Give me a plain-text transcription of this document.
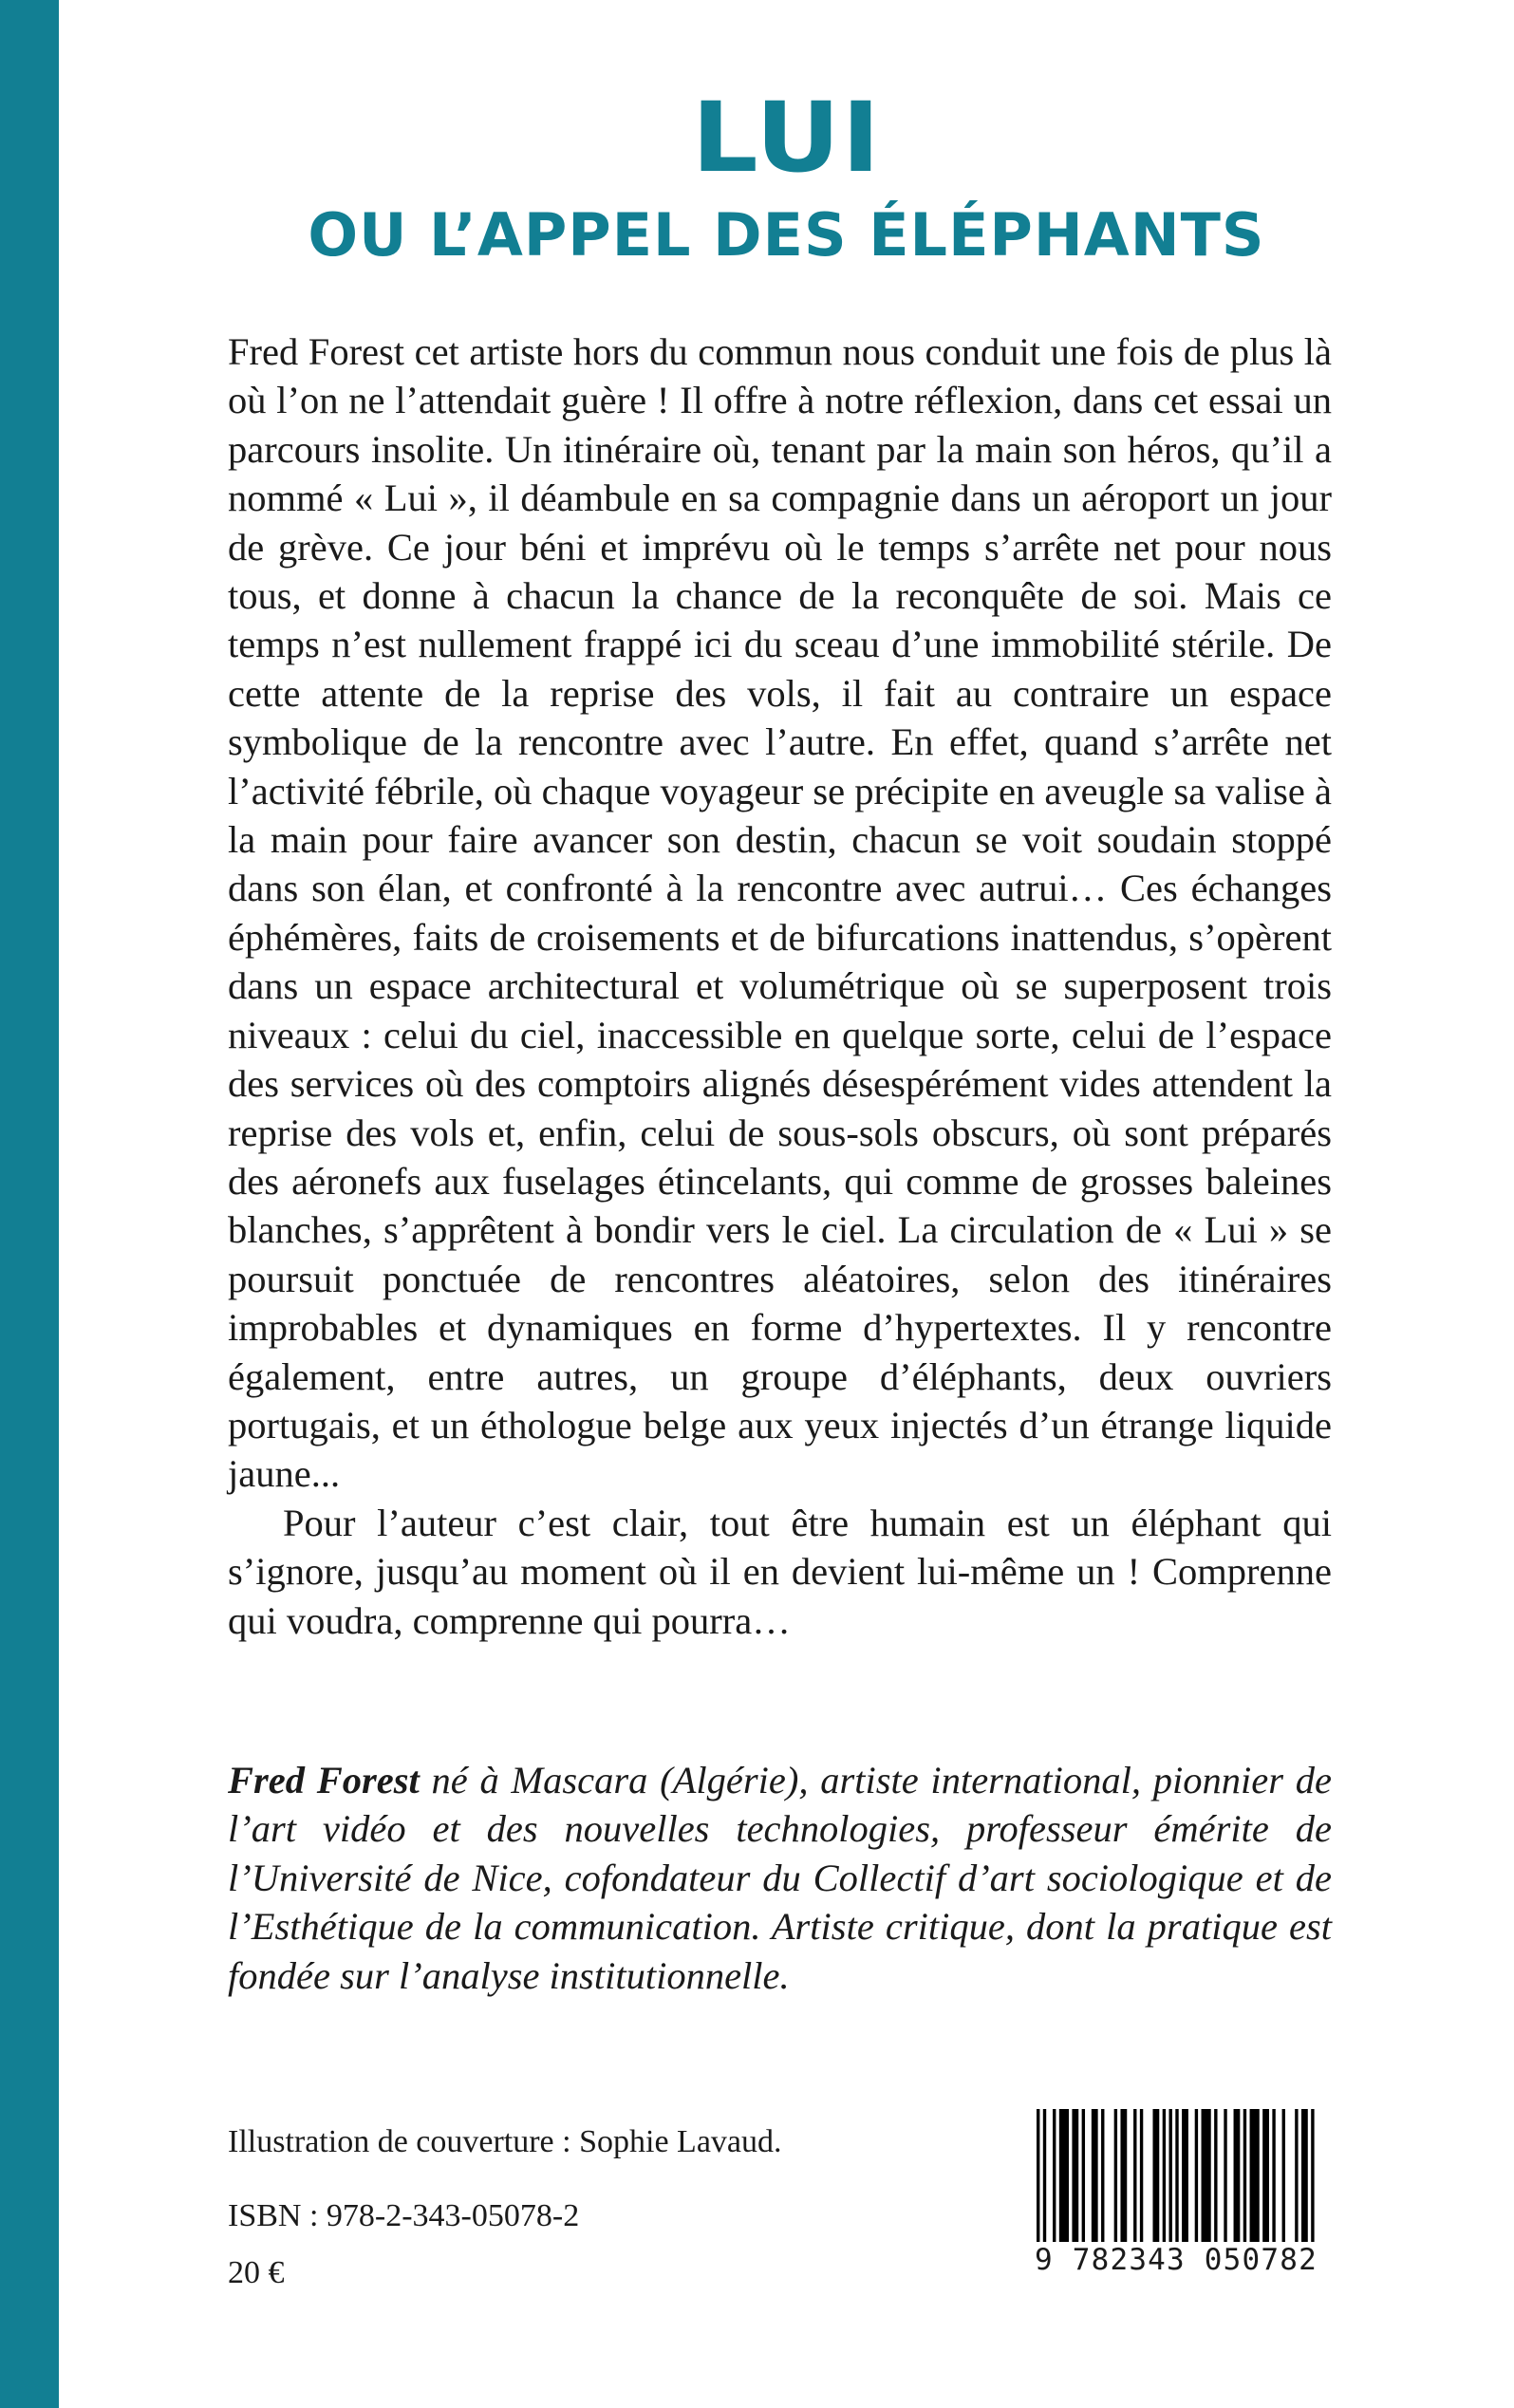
LUI
OU L’APPEL DES ÉLÉPHANTS

Fred Forest cet artiste hors du commun nous conduit une fois de plus là où l’on ne l’attendait guère ! Il offre à notre réflexion, dans cet essai un parcours insolite. Un itinéraire où, tenant par la main son héros, qu’il a nommé « Lui », il déambule en sa compagnie dans un aéroport un jour de grève. Ce jour béni et imprévu où le temps s’arrête net pour nous tous, et donne à chacun la chance de la reconquête de soi. Mais ce temps n’est nullement frappé ici du sceau d’une immobilité stérile. De cette attente de la reprise des vols, il fait au contraire un espace symbolique de la rencontre avec l’autre. En effet, quand s’arrête net l’activité fébrile, où chaque voyageur se précipite en aveugle sa valise à la main pour faire avancer son destin, chacun se voit soudain stoppé dans son élan, et confronté à la rencontre avec autrui… Ces échanges éphémères, faits de croisements et de bifurcations inattendus, s’opèrent dans un espace architectural et volumétrique où se superposent trois niveaux : celui du ciel, inaccessible en quelque sorte, celui de l’espace des services où des comptoirs alignés désespérément vides attendent la reprise des vols et, enfin, celui de sous-sols obscurs, où sont préparés des aéronefs aux fuselages étincelants, qui comme de grosses baleines blanches, s’apprêtent à bondir vers le ciel. La circulation de « Lui » se poursuit ponctuée de rencontres aléatoires, selon des itinéraires improbables et dynamiques en forme d’hypertextes. Il y rencontre également, entre autres, un groupe d’éléphants, deux ouvriers portugais, et un éthologue belge aux yeux injectés d’un étrange liquide jaune...

Pour l’auteur c’est clair, tout être humain est un éléphant qui s’ignore, jusqu’au moment où il en devient lui-même un ! Comprenne qui voudra, comprenne qui pourra…

Fred Forest né à Mascara (Algérie), artiste international, pionnier de l’art vidéo et des nouvelles technologies, professeur émérite de l’Université de Nice, cofondateur du Collectif d’art sociologique et de l’Esthétique de la communication. Artiste critique, dont la pratique est fondée sur l’analyse institutionnelle.

Illustration de couverture : Sophie Lavaud.
ISBN : 978-2-343-05078-2
20 €	9 782343 050782
